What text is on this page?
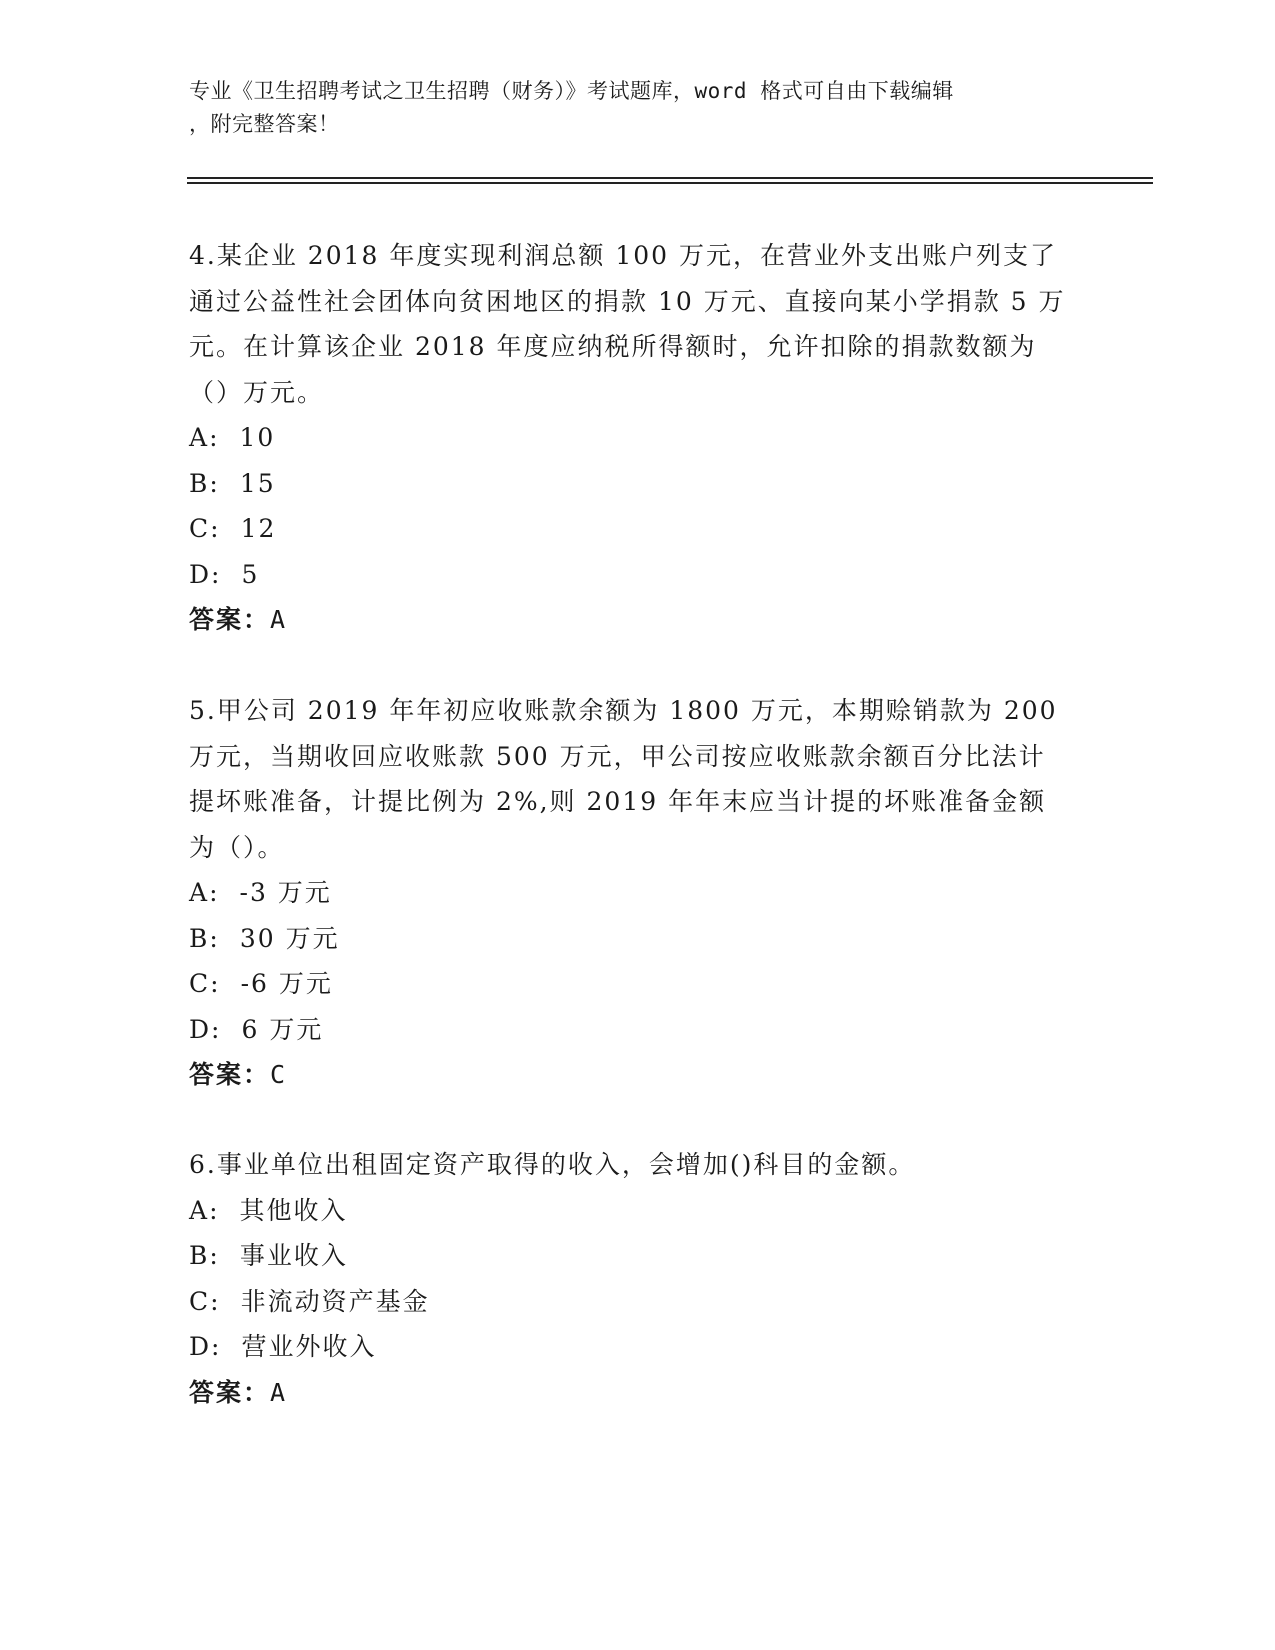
专业《卫生招聘考试之卫生招聘（财务）》考试题库，word 格式可自由下载编辑
，附完整答案！

4.某企业 2018 年度实现利润总额 100 万元，在营业外支出账户列支了通过公益性社会团体向贫困地区的捐款 10 万元、直接向某小学捐款 5 万元。在计算该企业 2018 年度应纳税所得额时，允许扣除的捐款数额为（）万元。

A: 10
B: 15
C: 12
D: 5
答案：A

5.甲公司 2019 年年初应收账款余额为 1800 万元，本期赊销款为 200 万元，当期收回应收账款 500 万元，甲公司按应收账款余额百分比法计提坏账准备，计提比例为 2%,则 2019 年年末应当计提的坏账准备金额为（）。

A: -3 万元
B: 30 万元
C: -6 万元
D: 6 万元
答案：C

6.事业单位出租固定资产取得的收入，会增加()科目的金额。

A: 其他收入
B: 事业收入
C: 非流动资产基金
D: 营业外收入
答案：A
